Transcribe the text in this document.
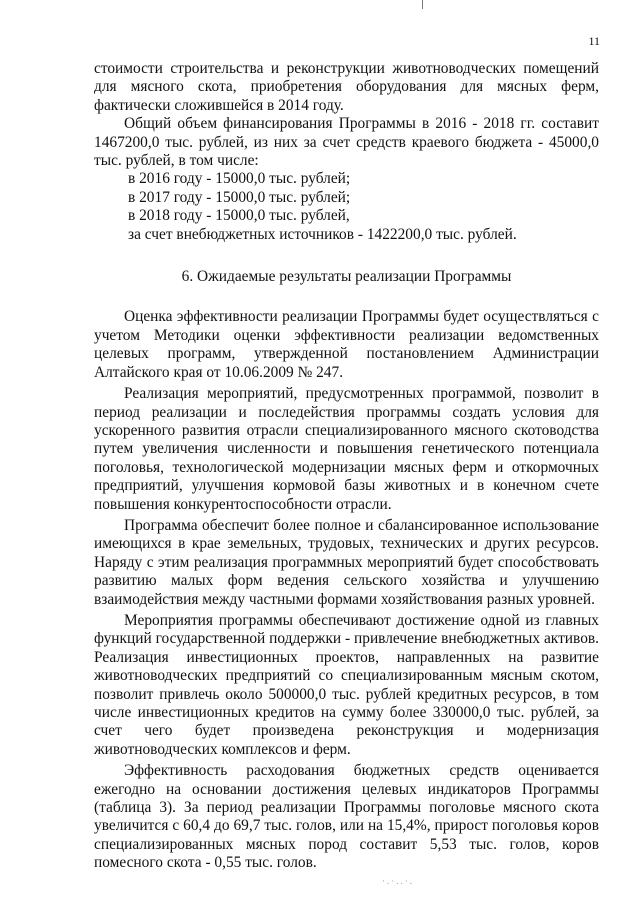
11

стоимости строительства и реконструкции животноводческих помещений для мясного скота, приобретения оборудования для мясных ферм, фактически сложившейся в 2014 году.

Общий объем финансирования Программы в 2016 - 2018 гг. составит 1467200,0 тыс. рублей, из них за счет средств краевого бюджета - 45000,0 тыс. рублей, в том числе:

в 2016 году - 15000,0 тыс. рублей;

в 2017 году - 15000,0 тыс. рублей;

в 2018 году - 15000,0 тыс. рублей,

за счет внебюджетных источников - 1422200,0 тыс. рублей.

6. Ожидаемые результаты реализации Программы

Оценка эффективности реализации Программы будет осуществляться с учетом Методики оценки эффективности реализации ведомственных целевых программ, утвержденной постановлением Администрации Алтайского края от 10.06.2009 № 247.

Реализация мероприятий, предусмотренных программой, позволит в период реализации и последействия программы создать условия для ускоренного развития отрасли специализированного мясного скотоводства путем увеличения численности и повышения генетического потенциала поголовья, технологической модернизации мясных ферм и откормочных предприятий, улучшения кормовой базы животных и в конечном счете повышения конкурентоспособности отрасли.

Программа обеспечит более полное и сбалансированное использование имеющихся в крае земельных, трудовых, технических и других ресурсов. Наряду с этим реализация программных мероприятий будет способствовать развитию малых форм ведения сельского хозяйства и улучшению взаимодействия между частными формами хозяйствования разных уровней.

Мероприятия программы обеспечивают достижение одной из главных функций государственной поддержки - привлечение внебюджетных активов. Реализация инвестиционных проектов, направленных на развитие животноводческих предприятий со специализированным мясным скотом, позволит привлечь около 500000,0 тыс. рублей кредитных ресурсов, в том числе инвестиционных кредитов на сумму более 330000,0 тыс. рублей, за счет чего будет произведена реконструкция и модернизация животноводческих комплексов и ферм.

Эффективность расходования бюджетных средств оценивается ежегодно на основании достижения целевых индикаторов Программы (таблица 3). За период реализации Программы поголовье мясного скота увеличится с 60,4 до 69,7 тыс. голов, или на 15,4%, прирост поголовья коров специализированных мясных пород составит 5,53 тыс. голов, коров помесного скота - 0,55 тыс. голов.

·.·..·.
